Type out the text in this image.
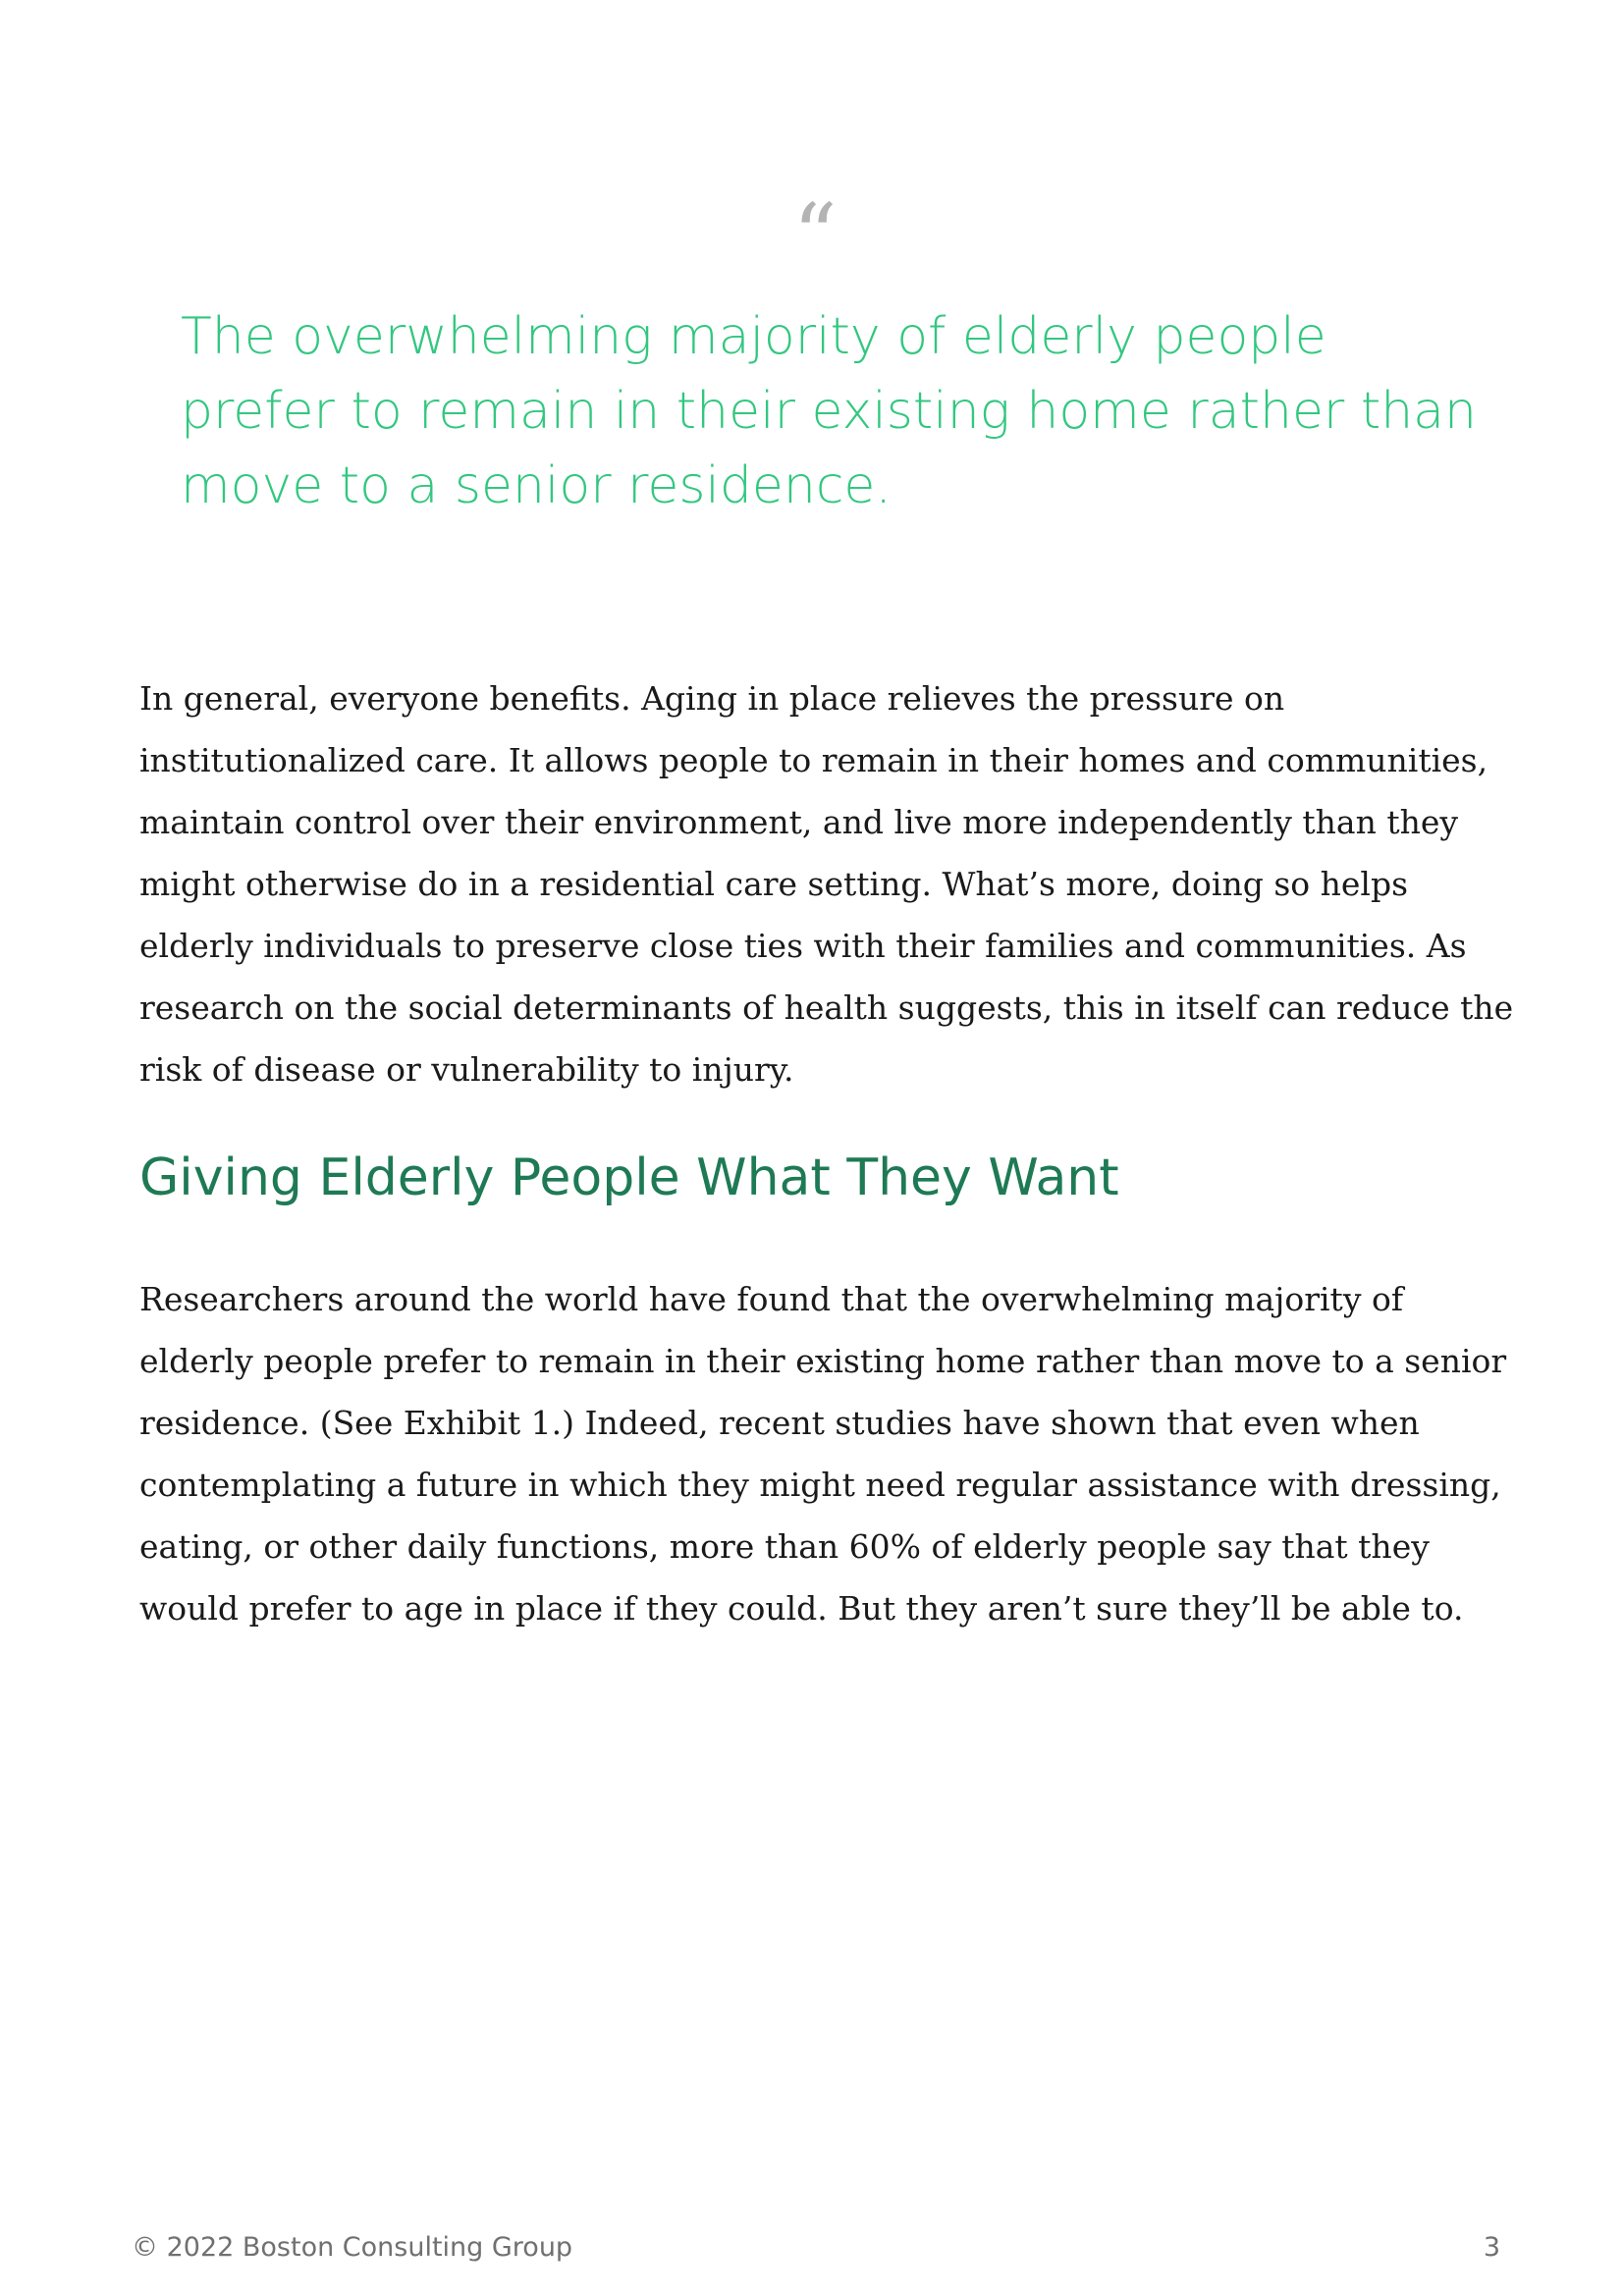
“

The overwhelming majority of elderly people prefer to remain in their existing home rather than move to a senior residence.

In general, everyone benefits. Aging in place relieves the pressure on institutionalized care. It allows people to remain in their homes and communities, maintain control over their environment, and live more independently than they might otherwise do in a residential care setting. What’s more, doing so helps elderly individuals to preserve close ties with their families and communities. As research on the social determinants of health suggests, this in itself can reduce the risk of disease or vulnerability to injury.

Giving Elderly People What They Want

Researchers around the world have found that the overwhelming majority of elderly people prefer to remain in their existing home rather than move to a senior residence. (See Exhibit 1.) Indeed, recent studies have shown that even when contemplating a future in which they might need regular assistance with dressing, eating, or other daily functions, more than 60% of elderly people say that they would prefer to age in place if they could. But they aren’t sure they’ll be able to.

© 2022 Boston Consulting Group	3
